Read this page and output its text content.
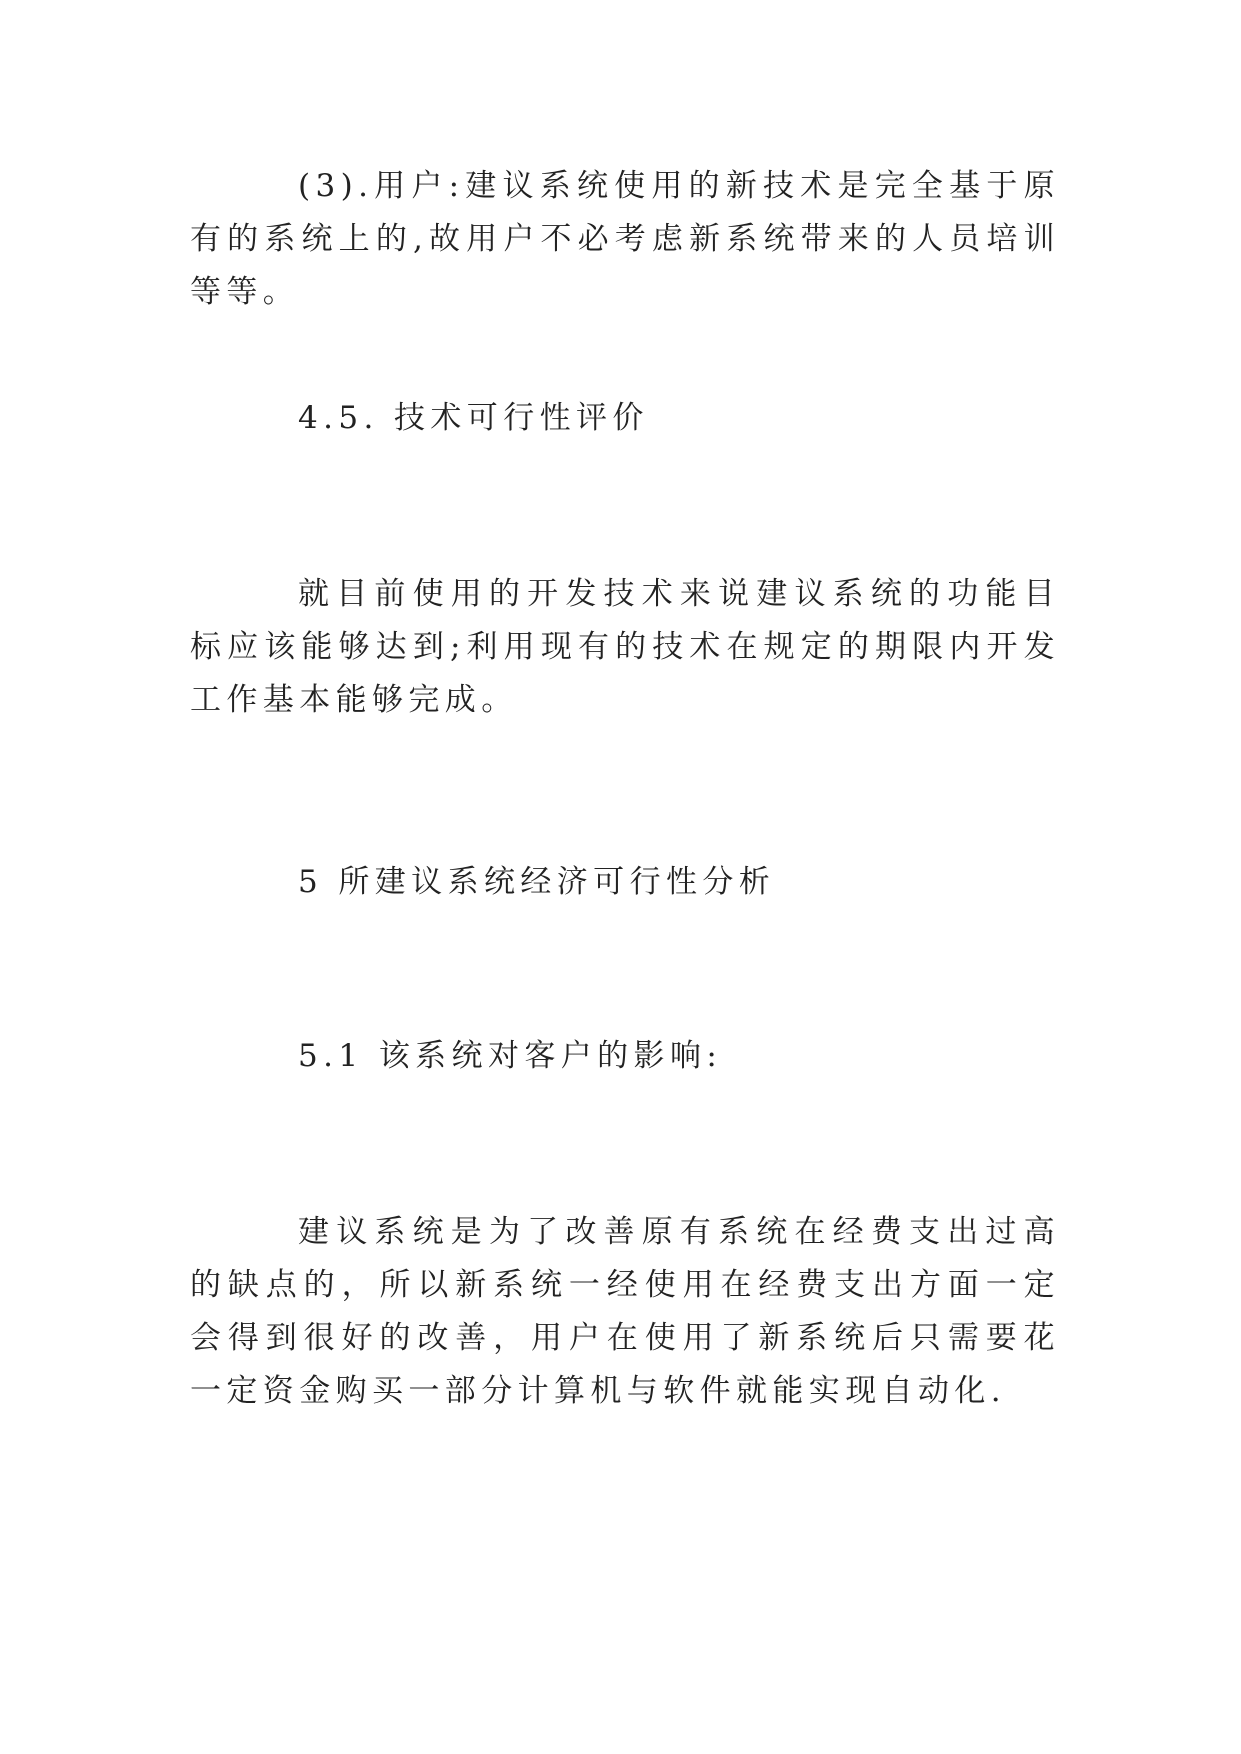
(3).用户:建议系统使用的新技术是完全基于原有的系统上的,故用户不必考虑新系统带来的人员培训等等。

4.5. 技术可行性评价

就目前使用的开发技术来说建议系统的功能目标应该能够达到;利用现有的技术在规定的期限内开发工作基本能够完成。

5 所建议系统经济可行性分析

5.1 该系统对客户的影响:

建议系统是为了改善原有系统在经费支出过高的缺点的，所以新系统一经使用在经费支出方面一定会得到很好的改善，用户在使用了新系统后只需要花一定资金购买一部分计算机与软件就能实现自动化.
